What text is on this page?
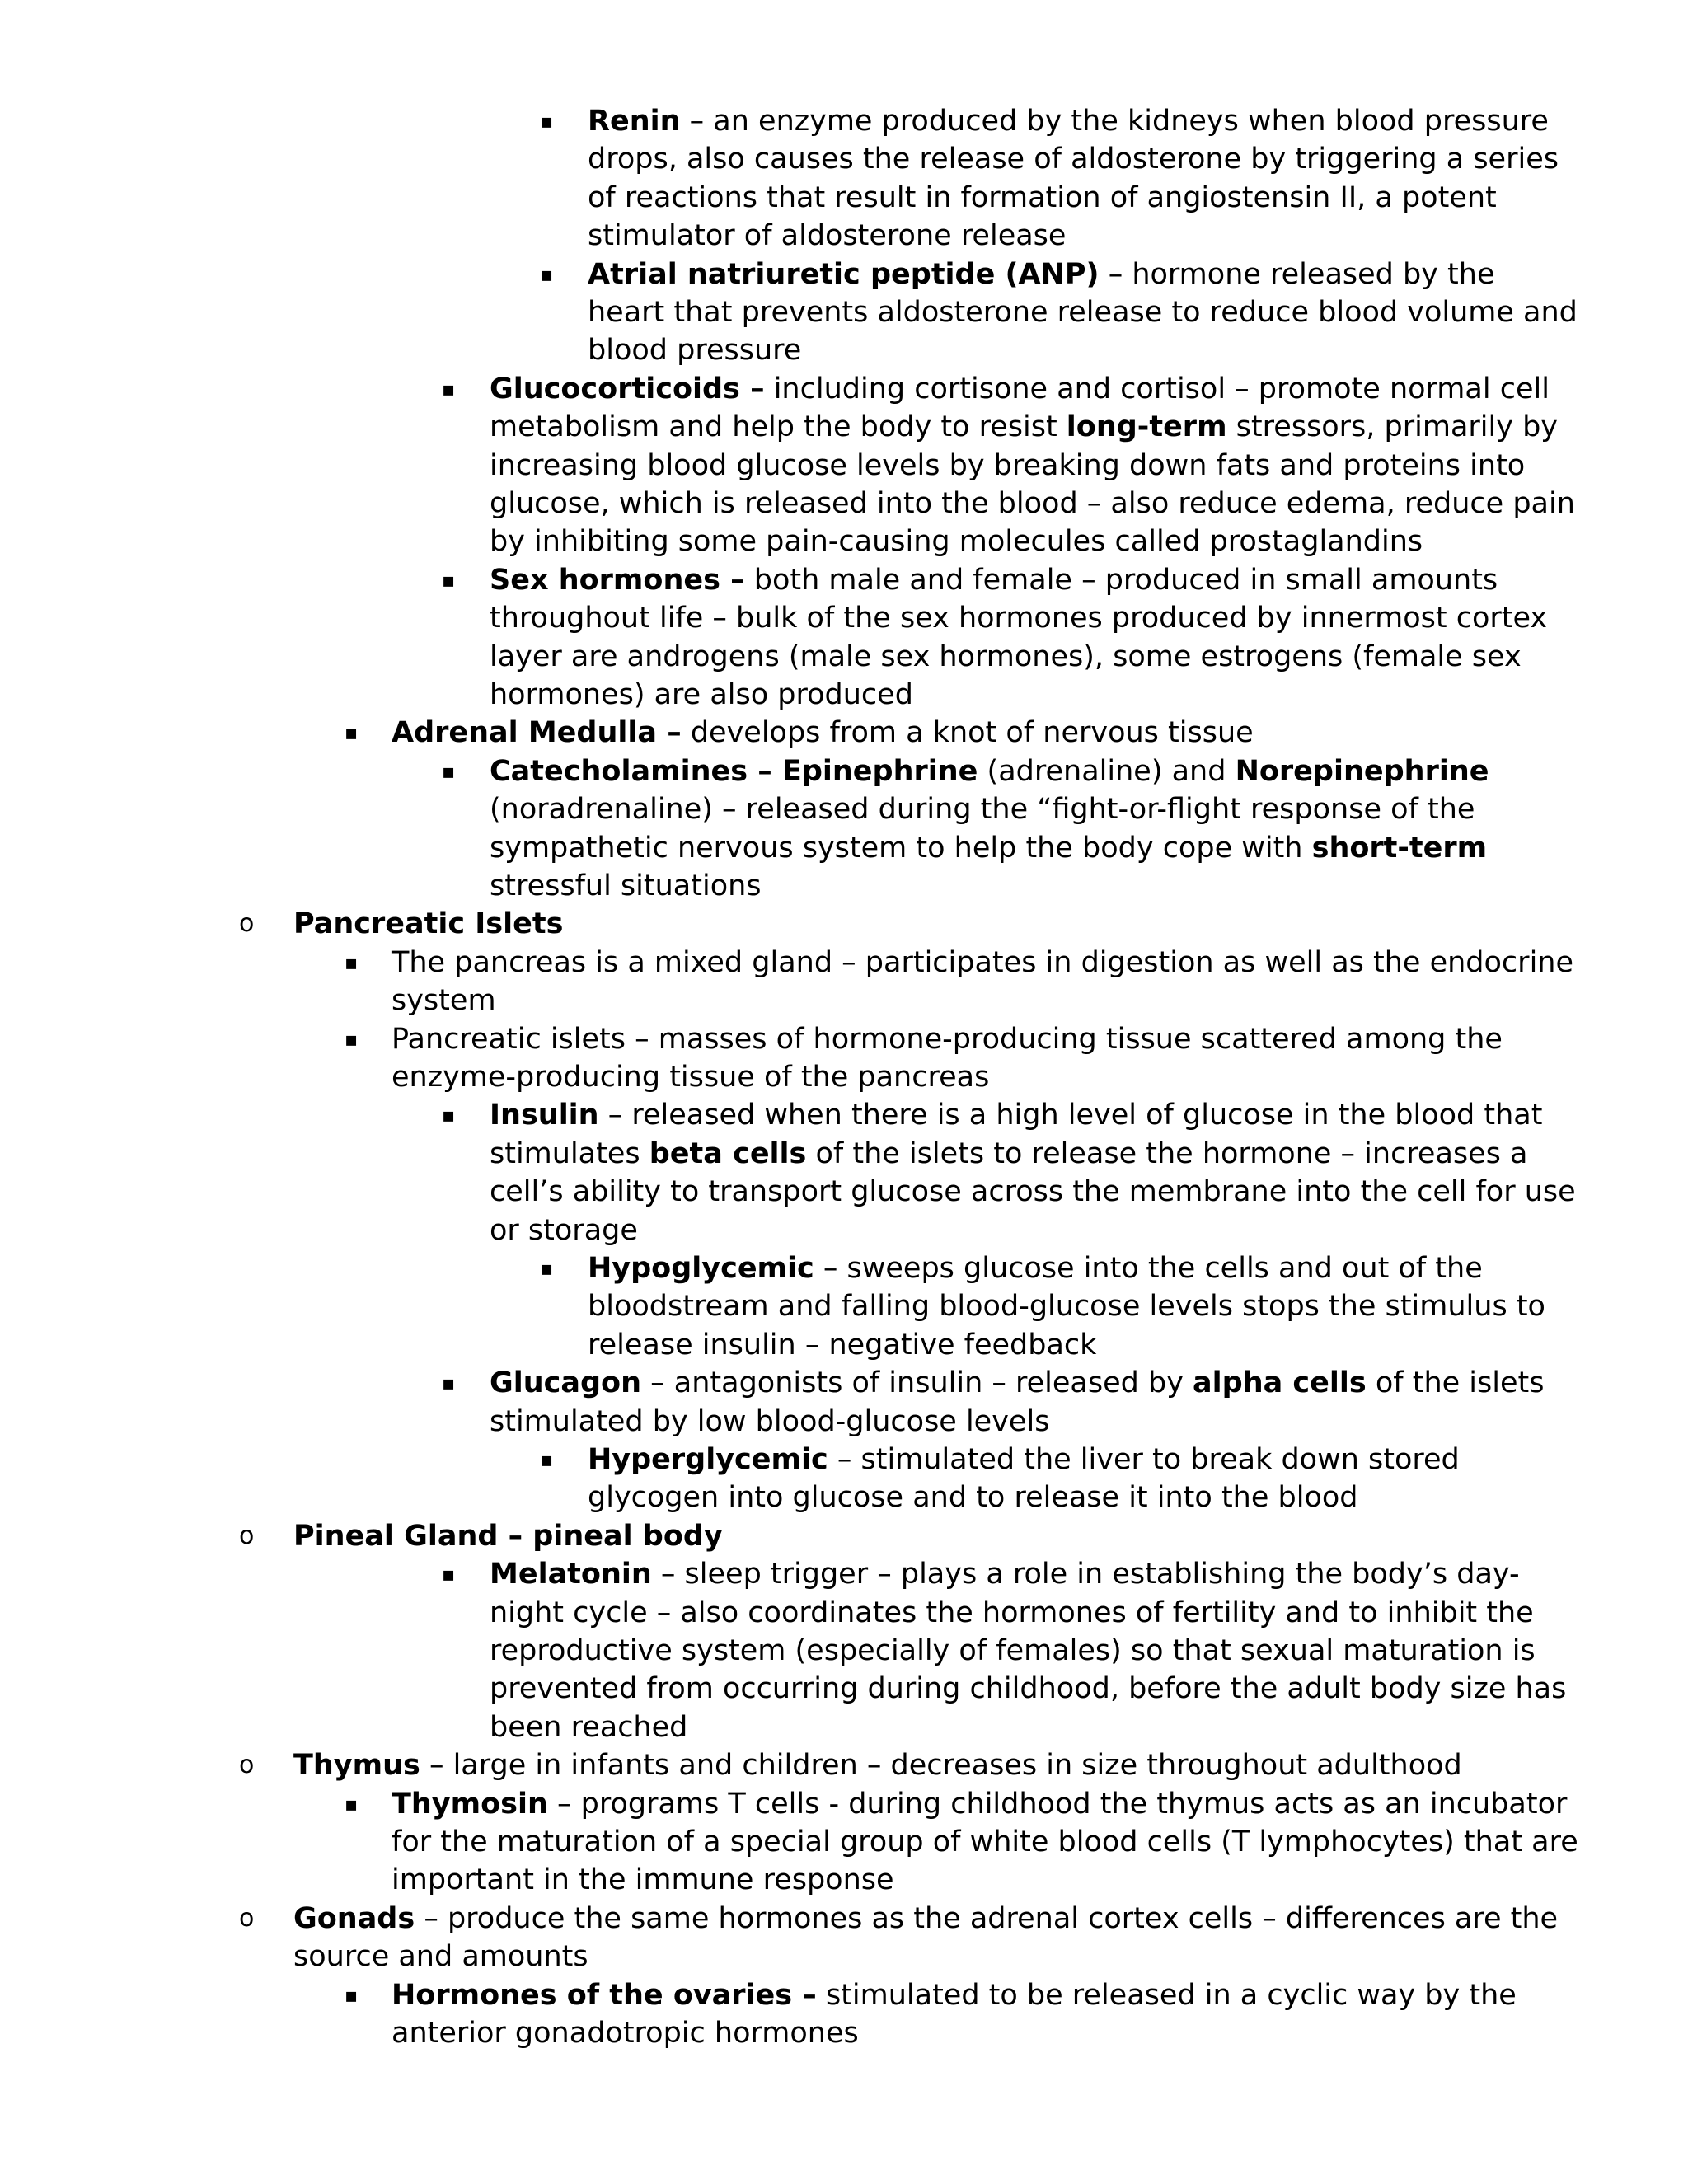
▪ Renin – an enzyme produced by the kidneys when blood pressure drops, also causes the release of aldosterone by triggering a series of reactions that result in formation of angiostensin II, a potent stimulator of aldosterone release
▪ Atrial natriuretic peptide (ANP) – hormone released by the heart that prevents aldosterone release to reduce blood volume and blood pressure
▪ Glucocorticoids – including cortisone and cortisol – promote normal cell metabolism and help the body to resist long-term stressors, primarily by increasing blood glucose levels by breaking down fats and proteins into glucose, which is released into the blood – also reduce edema, reduce pain by inhibiting some pain-causing molecules called prostaglandins
▪ Sex hormones – both male and female – produced in small amounts throughout life – bulk of the sex hormones produced by innermost cortex layer are androgens (male sex hormones), some estrogens (female sex hormones) are also produced
▪ Adrenal Medulla – develops from a knot of nervous tissue
▪ Catecholamines – Epinephrine (adrenaline) and Norepinephrine (noradrenaline) – released during the “fight-or-flight response of the sympathetic nervous system to help the body cope with short-term stressful situations
o Pancreatic Islets
▪ The pancreas is a mixed gland – participates in digestion as well as the endocrine system
▪ Pancreatic islets – masses of hormone-producing tissue scattered among the enzyme-producing tissue of the pancreas
▪ Insulin – released when there is a high level of glucose in the blood that stimulates beta cells of the islets to release the hormone – increases a cell’s ability to transport glucose across the membrane into the cell for use or storage
▪ Hypoglycemic – sweeps glucose into the cells and out of the bloodstream and falling blood-glucose levels stops the stimulus to release insulin – negative feedback
▪ Glucagon – antagonists of insulin – released by alpha cells of the islets stimulated by low blood-glucose levels
▪ Hyperglycemic – stimulated the liver to break down stored glycogen into glucose and to release it into the blood
o Pineal Gland – pineal body
▪ Melatonin – sleep trigger – plays a role in establishing the body’s day-night cycle – also coordinates the hormones of fertility and to inhibit the reproductive system (especially of females) so that sexual maturation is prevented from occurring during childhood, before the adult body size has been reached
o Thymus – large in infants and children – decreases in size throughout adulthood
▪ Thymosin – programs T cells - during childhood the thymus acts as an incubator for the maturation of a special group of white blood cells (T lymphocytes) that are important in the immune response
o Gonads – produce the same hormones as the adrenal cortex cells – differences are the source and amounts
▪ Hormones of the ovaries – stimulated to be released in a cyclic way by the anterior gonadotropic hormones
